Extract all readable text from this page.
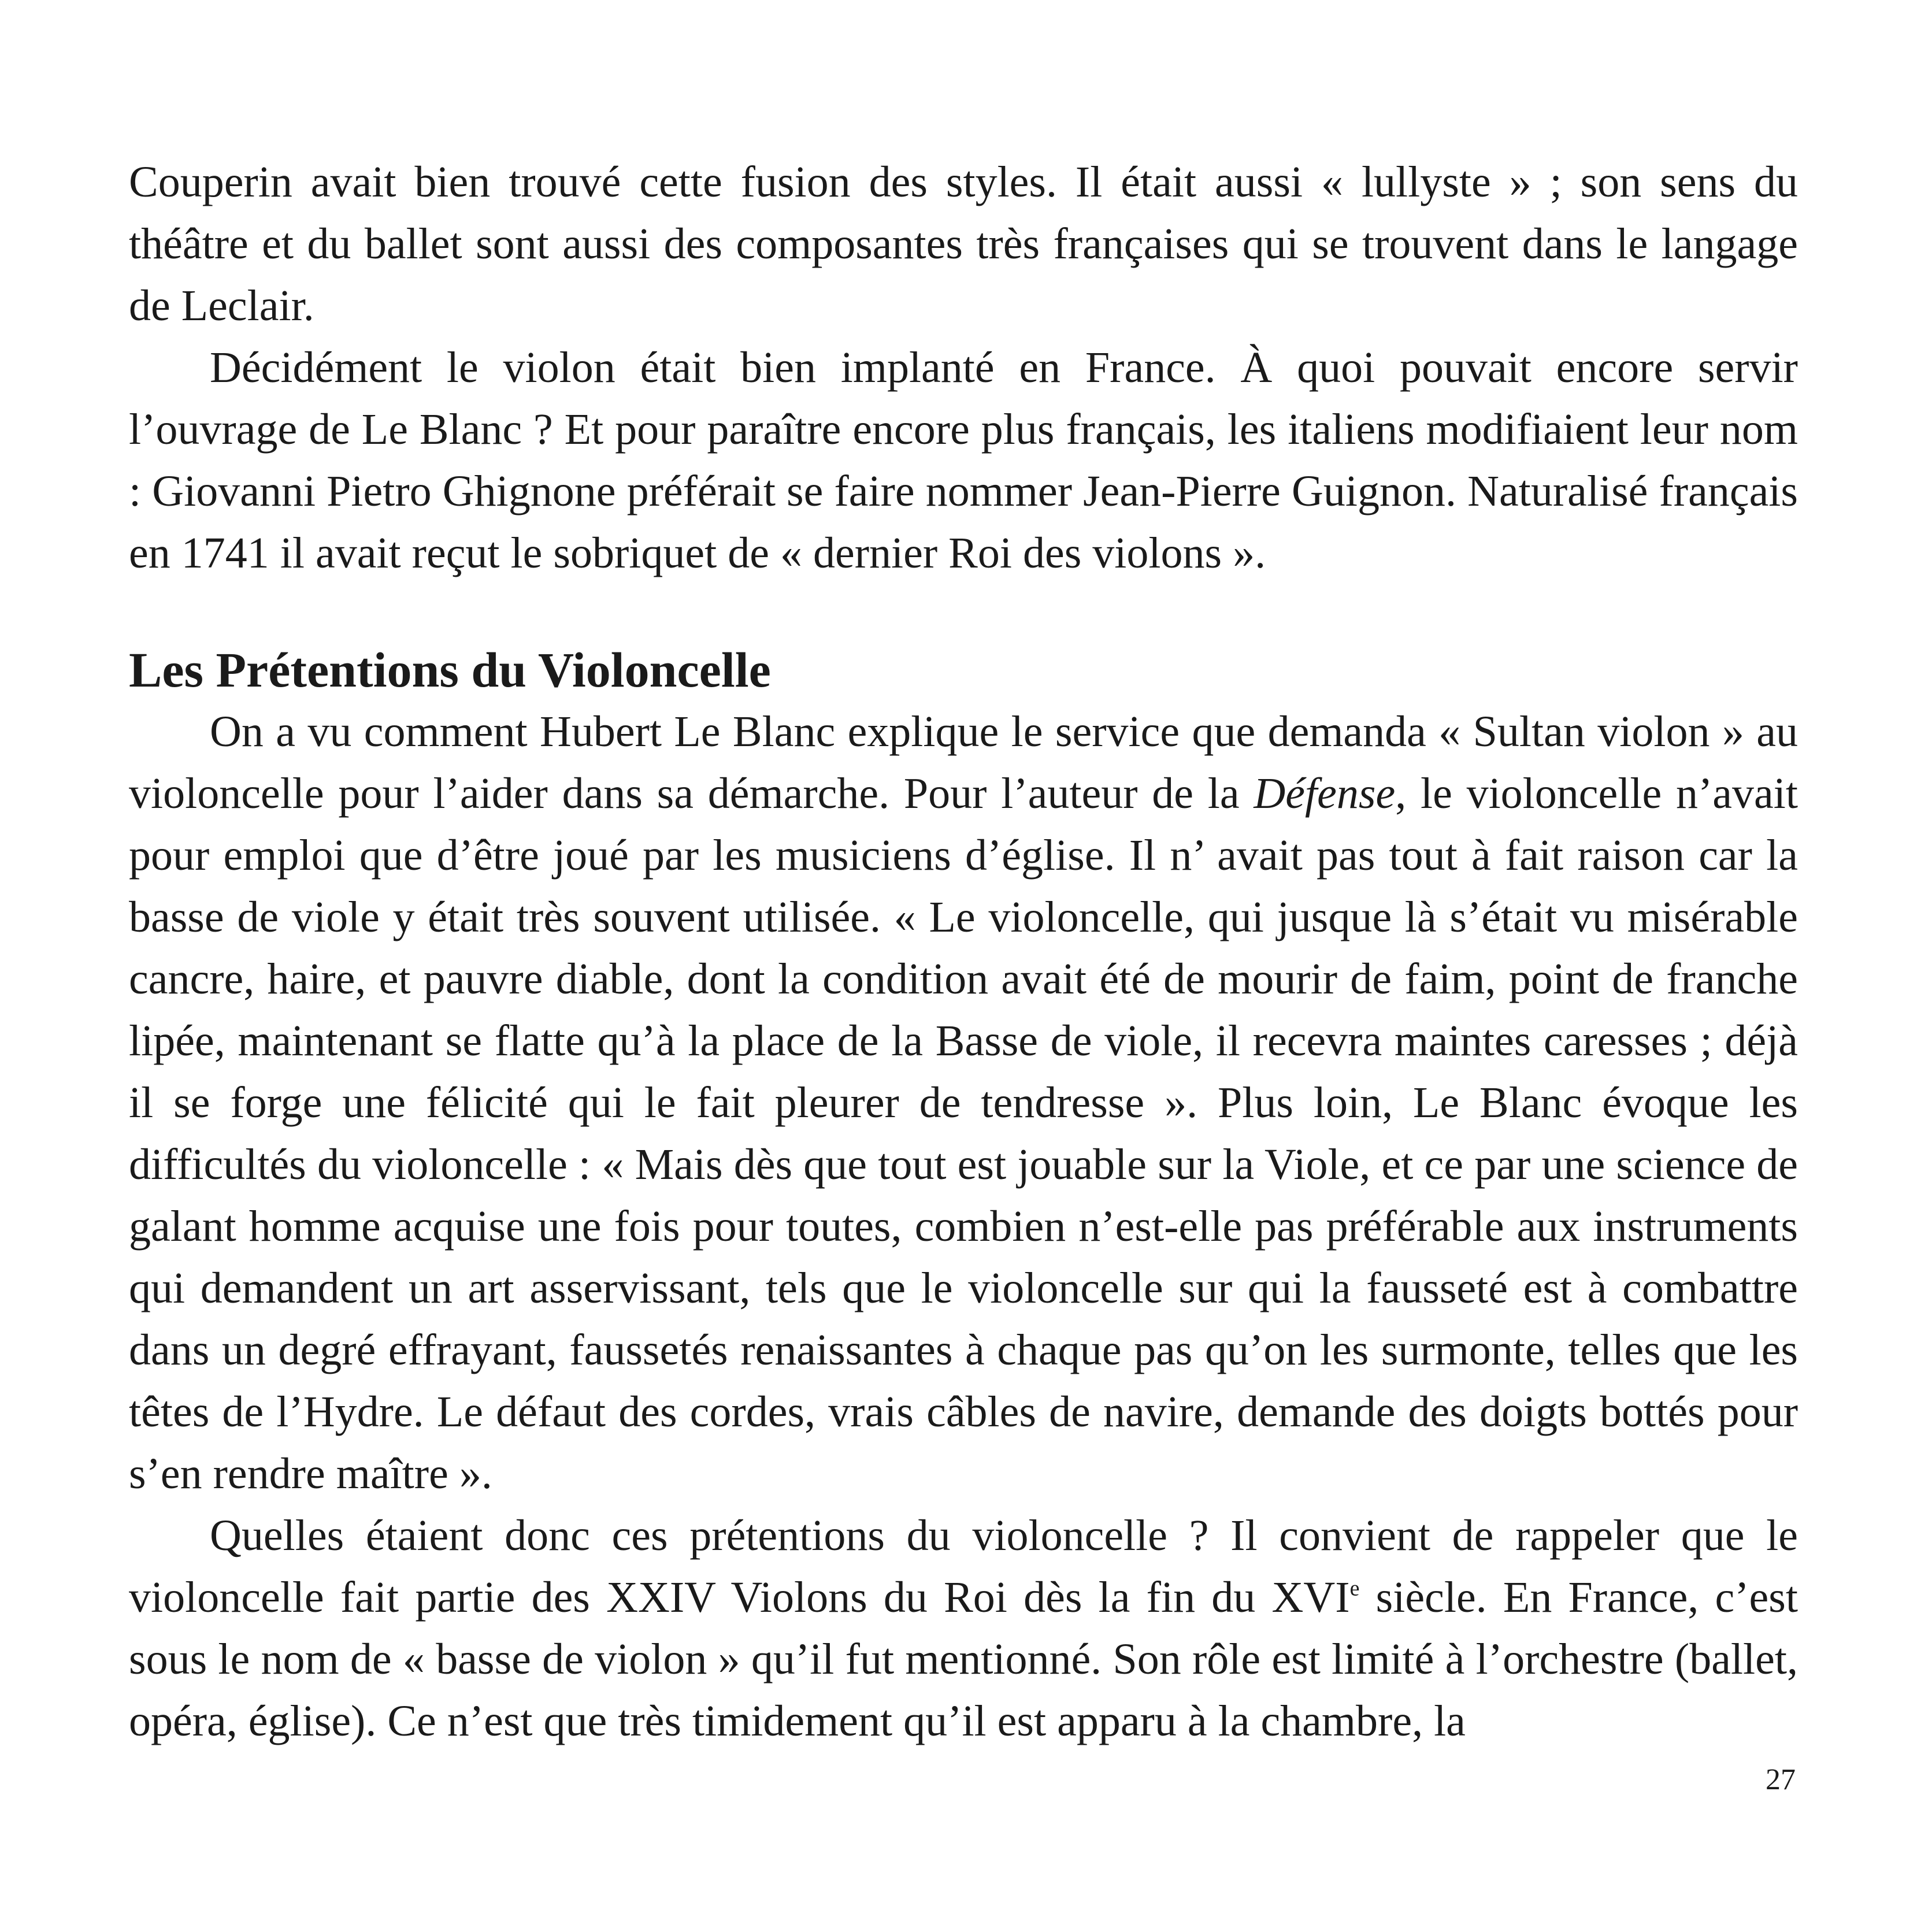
Couperin avait bien trouvé cette fusion des styles. Il était aussi « lullyste » ; son sens du théâtre et du ballet sont aussi des composantes très françaises qui se trouvent dans le langage de Leclair.

Décidément le violon était bien implanté en France. À quoi pouvait encore servir l’ouvrage de Le Blanc ? Et pour paraître encore plus français, les italiens modifiaient leur nom : Giovanni Pietro Ghignone préférait se faire nommer Jean-Pierre Guignon. Naturalisé français en 1741 il avait reçut le sobriquet de « dernier Roi des violons ».

Les Prétentions du Violoncelle

On a vu comment Hubert Le Blanc explique le service que demanda « Sultan violon » au violoncelle pour l’aider dans sa démarche. Pour l’auteur de la Défense, le violoncelle n’avait pour emploi que d’être joué par les musiciens d’église. Il n’ avait pas tout à fait raison car la basse de viole y était très souvent utilisée. « Le violoncelle, qui jusque là s’était vu misérable cancre, haire, et pauvre diable, dont la condition avait été de mourir de faim, point de franche lipée, maintenant se flatte qu’à la place de la Basse de viole, il recevra maintes caresses ; déjà il se forge une félicité qui le fait pleurer de tendresse ». Plus loin, Le Blanc évoque les difficultés du violoncelle : « Mais dès que tout est jouable sur la Viole, et ce par une science de galant homme acquise une fois pour toutes, combien n’est-elle pas préférable aux instruments qui demandent un art asservissant, tels que le violoncelle sur qui la fausseté est à combattre dans un degré effrayant, faussetés renaissantes à chaque pas qu’on les surmonte, telles que les têtes de l’Hydre. Le défaut des cordes, vrais câbles de navire, demande des doigts bottés pour s’en rendre maître ».

Quelles étaient donc ces prétentions du violoncelle ? Il convient de rappeler que le violoncelle fait partie des XXIV Violons du Roi dès la fin du XVIe siècle. En France, c’est sous le nom de « basse de violon » qu’il fut mentionné. Son rôle est limité à l’orchestre (ballet, opéra, église). Ce n’est que très timidement qu’il est apparu à la chambre, la

27
